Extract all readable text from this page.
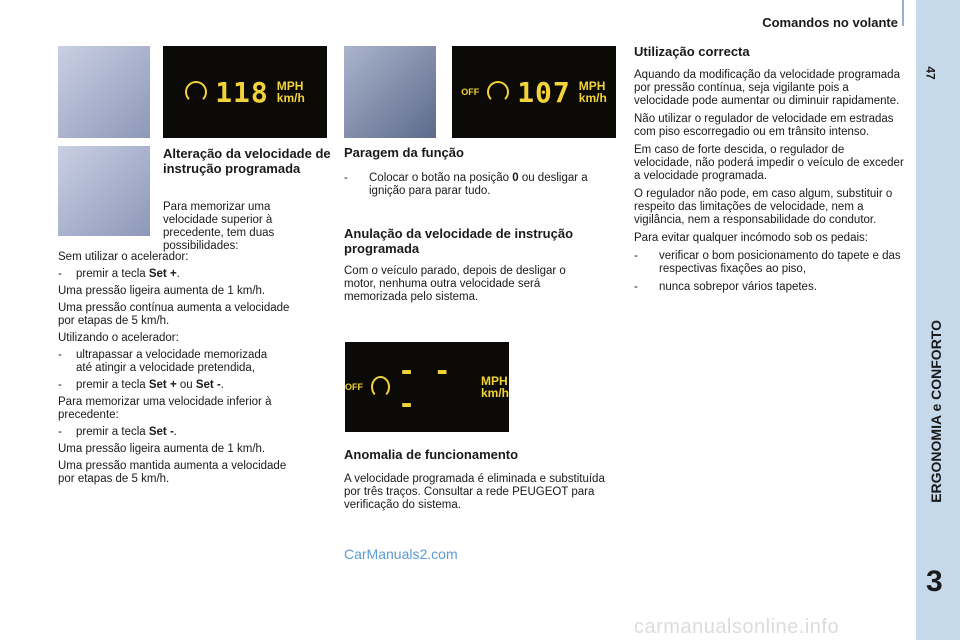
Comandos no volante
47
ERGONOMIA e CONFORTO
3
118 MPH
km/h	OFF 107 MPH
km/h
OFF - - -
MPH
km/h
Alteração da velocidade de instrução programada
Para memorizar uma velocidade superior à precedente, tem duas possibilidades:
Sem utilizar o acelerador:
-	premir a tecla Set +.
Uma pressão ligeira aumenta de 1 km/h.
Uma pressão contínua aumenta a velocidade por etapas de 5 km/h.
Utilizando o acelerador:
-	ultrapassar a velocidade memorizada até atingir a velocidade pretendida,
-	premir a tecla Set + ou Set -.
Para memorizar uma velocidade inferior à precedente:
-	premir a tecla Set -.
Uma pressão ligeira aumenta de 1 km/h.
Uma pressão mantida aumenta a velocidade por etapas de 5 km/h.
Paragem da função
-	Colocar o botão na posição 0 ou desligar a ignição para parar tudo.
Anulação da velocidade de instrução programada
Com o veículo parado, depois de desligar o motor, nenhuma outra velocidade será memorizada pelo sistema.
Anomalia de funcionamento
A velocidade programada é eliminada e substituída por três traços. Consultar a rede PEUGEOT para verificação do sistema.
Utilização correcta
Aquando da modificação da velocidade programada por pressão contínua, seja vigilante pois a velocidade pode aumentar ou diminuir rapidamente.
Não utilizar o regulador de velocidade em estradas com piso escorregadio ou em trânsito intenso.
Em caso de forte descida, o regulador de velocidade, não poderá impedir o veículo de exceder a velocidade programada.
O regulador não pode, em caso algum, substituir o respeito das limitações de velocidade, nem a vigilância, nem a responsabilidade do condutor.
Para evitar qualquer incómodo sob os pedais:
-	verificar o bom posicionamento do tapete e das respectivas fixações ao piso,
-	nunca sobrepor vários tapetes.
CarManuals2.com
carmanualsonline.info
